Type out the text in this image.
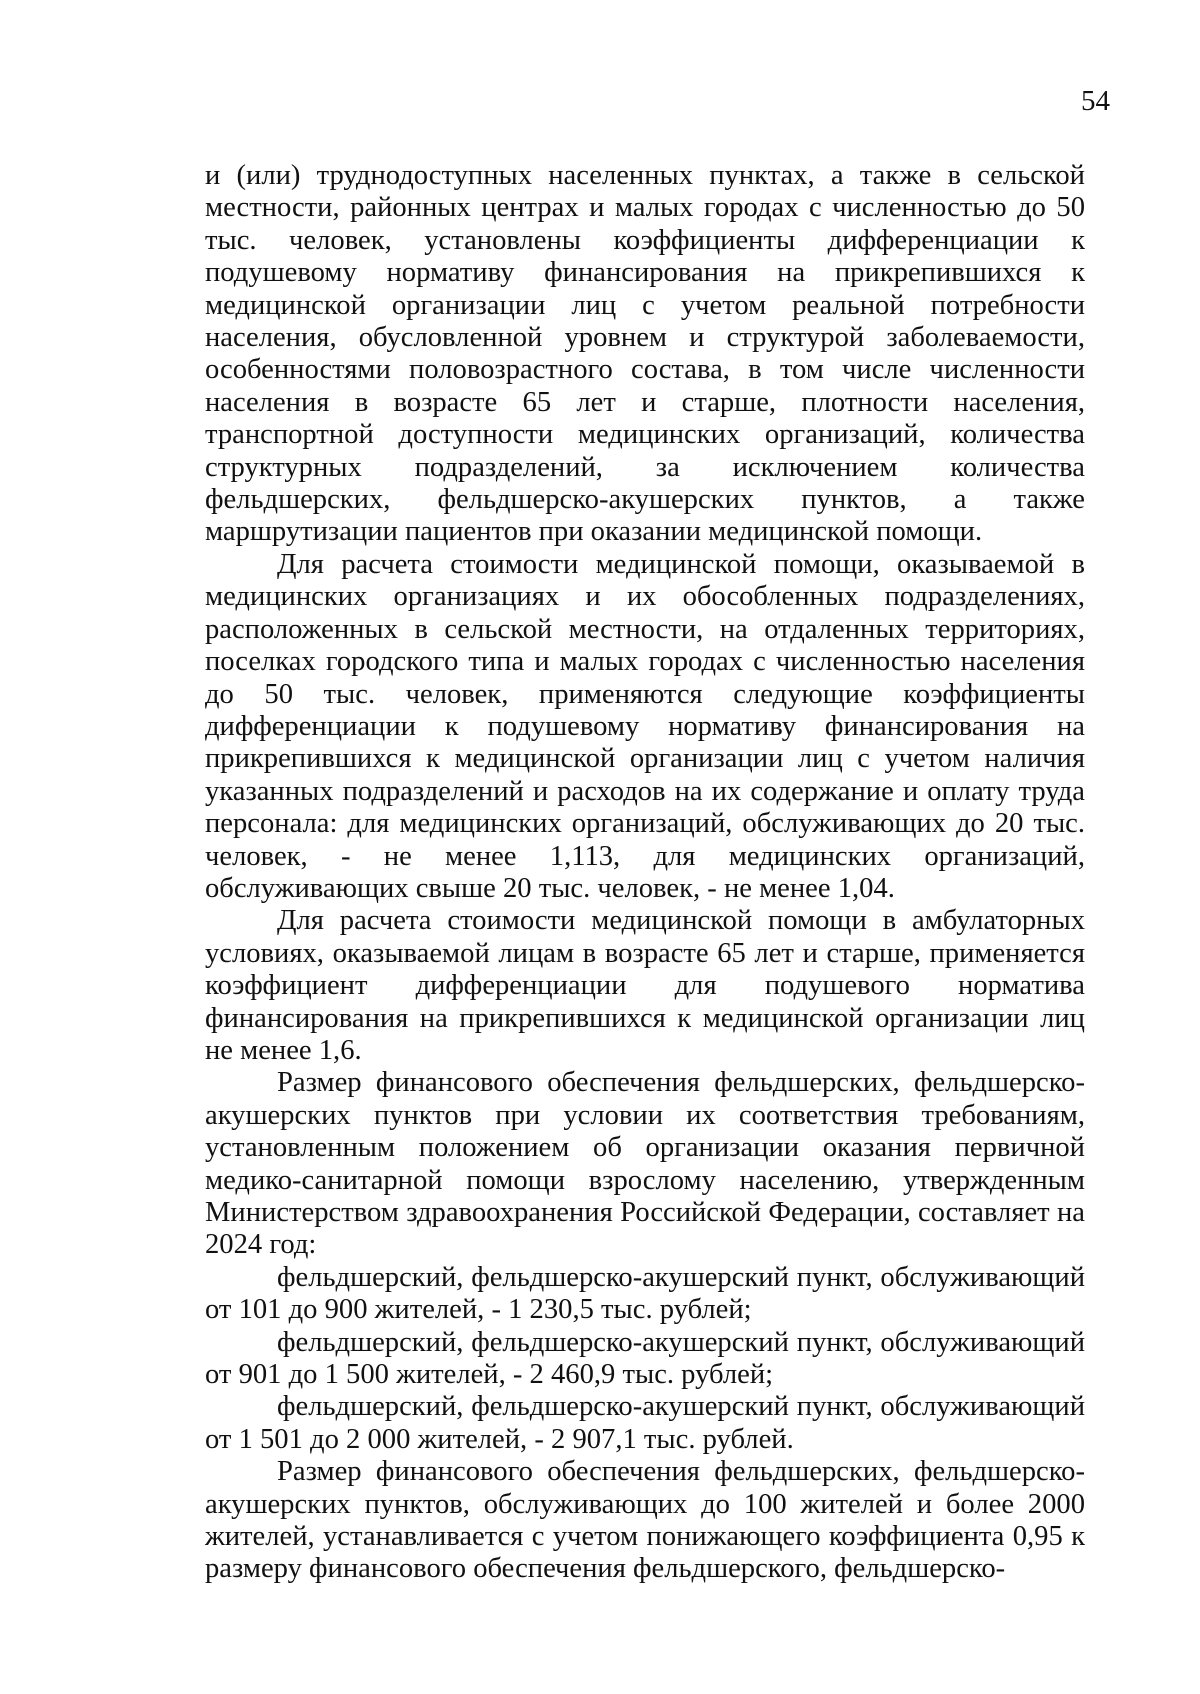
54

и (или) труднодоступных населенных пунктах, а также в сельской местности, районных центрах и малых городах с численностью до 50 тыс. человек, установлены коэффициенты дифференциации к подушевому нормативу финансирования на прикрепившихся к медицинской организации лиц с учетом реальной потребности населения, обусловленной уровнем и структурой заболеваемости, особенностями половозрастного состава, в том числе численности населения в возрасте 65 лет и старше, плотности населения, транспортной доступности медицинских организаций, количества структурных подразделений, за исключением количества фельдшерских, фельдшерско-акушерских пунктов, а также маршрутизации пациентов при оказании медицинской помощи.

Для расчета стоимости медицинской помощи, оказываемой в медицинских организациях и их обособленных подразделениях, расположенных в сельской местности, на отдаленных территориях, поселках городского типа и малых городах с численностью населения до 50 тыс. человек, применяются следующие коэффициенты дифференциации к подушевому нормативу финансирования на прикрепившихся к медицинской организации лиц с учетом наличия указанных подразделений и расходов на их содержание и оплату труда персонала: для медицинских организаций, обслуживающих до 20 тыс. человек, - не менее 1,113, для медицинских организаций, обслуживающих свыше 20 тыс. человек, - не менее 1,04.

Для расчета стоимости медицинской помощи в амбулаторных условиях, оказываемой лицам в возрасте 65 лет и старше, применяется коэффициент дифференциации для подушевого норматива финансирования на прикрепившихся к медицинской организации лиц не менее 1,6.

Размер финансового обеспечения фельдшерских, фельдшерско-акушерских пунктов при условии их соответствия требованиям, установленным положением об организации оказания первичной медико-санитарной помощи взрослому населению, утвержденным Министерством здравоохранения Российской Федерации, составляет на 2024 год:

фельдшерский, фельдшерско-акушерский пункт, обслуживающий от 101 до 900 жителей, - 1 230,5 тыс. рублей;

фельдшерский, фельдшерско-акушерский пункт, обслуживающий от 901 до 1 500 жителей, - 2 460,9 тыс. рублей;

фельдшерский, фельдшерско-акушерский пункт, обслуживающий от 1 501 до 2 000 жителей, - 2 907,1 тыс. рублей.

Размер финансового обеспечения фельдшерских, фельдшерско-акушерских пунктов, обслуживающих до 100 жителей и более 2000 жителей, устанавливается с учетом понижающего коэффициента 0,95 к размеру финансового обеспечения фельдшерского, фельдшерско-
